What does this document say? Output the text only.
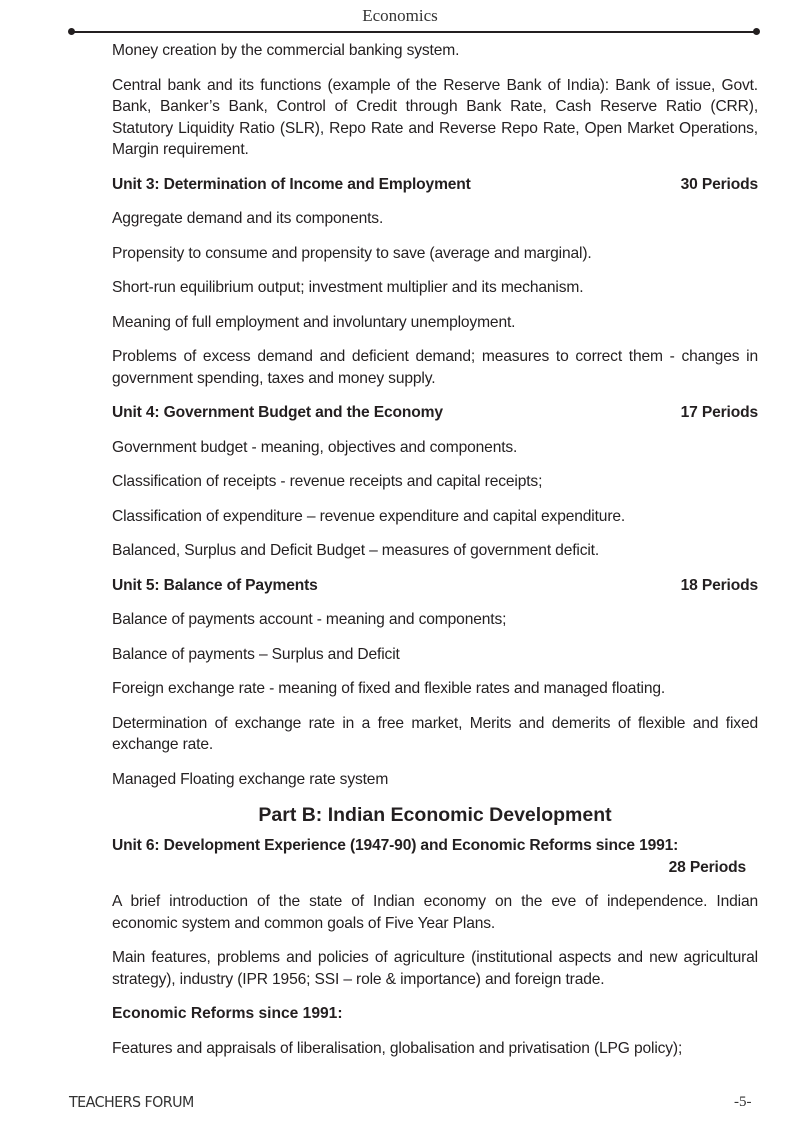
Economics

Money creation by the commercial banking system.

Central bank and its functions (example of the Reserve Bank of India): Bank of issue, Govt. Bank, Banker’s Bank, Control of Credit through Bank Rate, Cash Reserve Ratio (CRR), Statutory Liquidity Ratio (SLR), Repo Rate and Reverse Repo Rate, Open Market Operations, Margin requirement.

Unit 3: Determination of Income and Employment	30 Periods

Aggregate demand and its components.

Propensity to consume and propensity to save (average and marginal).

Short-run equilibrium output; investment multiplier and its mechanism.

Meaning of full employment and involuntary unemployment.

Problems of excess demand and deficient demand; measures to correct them - changes in government spending, taxes and money supply.

Unit 4: Government Budget and the Economy	17 Periods

Government budget - meaning, objectives and components.

Classification of receipts - revenue receipts and capital receipts;

Classification of expenditure – revenue expenditure and capital expenditure.

Balanced, Surplus and Deficit Budget – measures of government deficit.

Unit 5: Balance of Payments	18 Periods

Balance of payments account - meaning and components;

Balance of payments – Surplus and Deficit

Foreign exchange rate - meaning of fixed and flexible rates and managed floating.

Determination of exchange rate in a free market, Merits and demerits of flexible and fixed exchange rate.

Managed Floating exchange rate system

Part B: Indian Economic Development
Unit 6: Development Experience (1947-90) and Economic Reforms since 1991:
28 Periods

A brief introduction of the state of Indian economy on the eve of independence. Indian economic system and common goals of Five Year Plans.

Main features, problems and policies of agriculture (institutional aspects and new agricultural strategy), industry (IPR 1956; SSI – role & importance) and foreign trade.

Economic Reforms since 1991:

Features and appraisals of liberalisation, globalisation and privatisation (LPG policy);

TEACHERS FORUM	-5-
